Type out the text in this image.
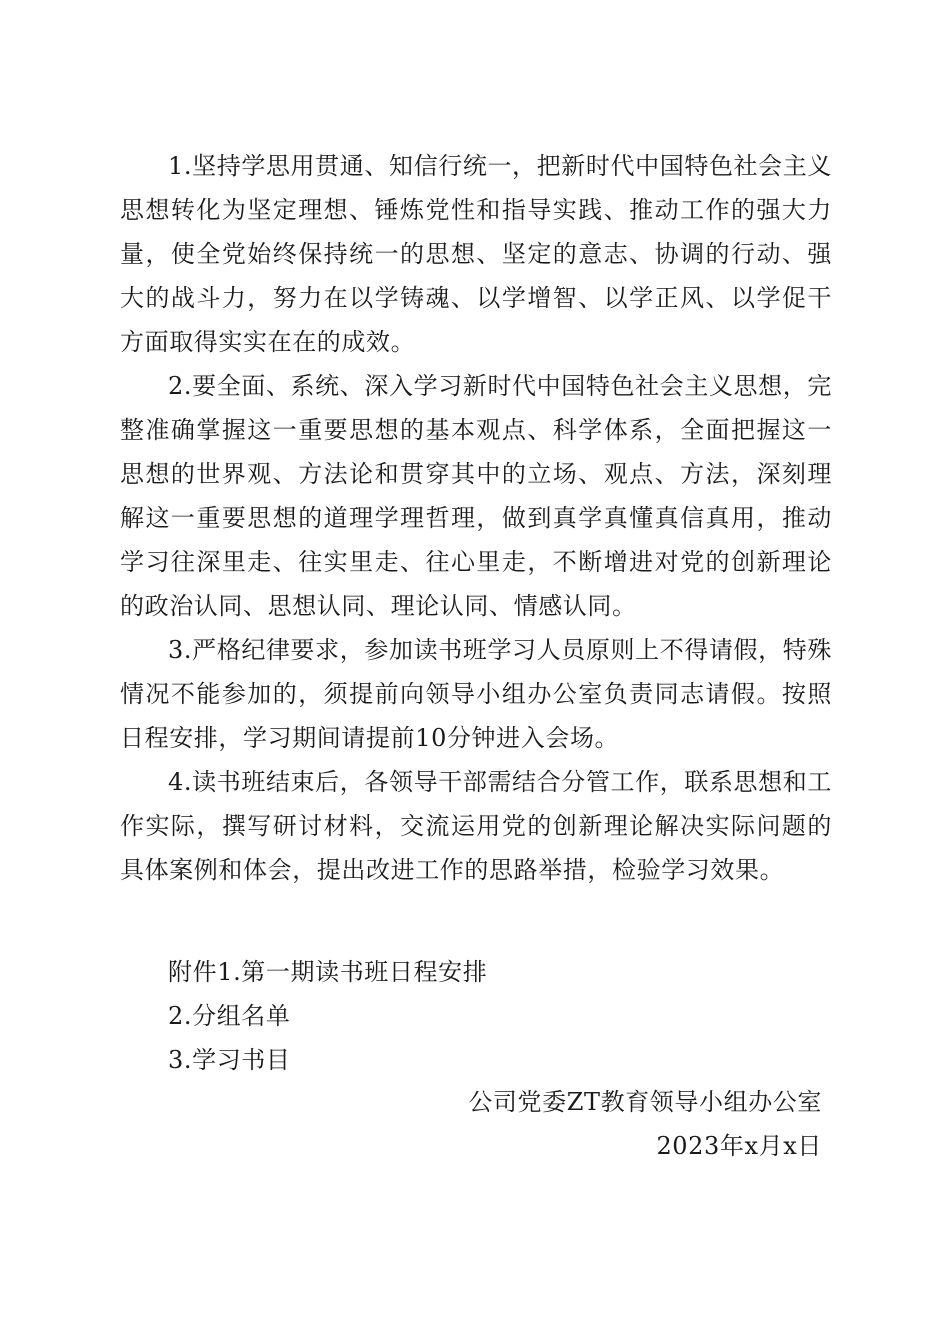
1.坚持学思用贯通、知信行统一，把新时代中国特色社会主义思想转化为坚定理想、锤炼党性和指导实践、推动工作的强大力量，使全党始终保持统一的思想、坚定的意志、协调的行动、强大的战斗力，努力在以学铸魂、以学增智、以学正风、以学促干方面取得实实在在的成效。

2.要全面、系统、深入学习新时代中国特色社会主义思想，完整准确掌握这一重要思想的基本观点、科学体系，全面把握这一思想的世界观、方法论和贯穿其中的立场、观点、方法，深刻理解这一重要思想的道理学理哲理，做到真学真懂真信真用，推动学习往深里走、往实里走、往心里走，不断增进对党的创新理论的政治认同、思想认同、理论认同、情感认同。

3.严格纪律要求，参加读书班学习人员原则上不得请假，特殊情况不能参加的，须提前向领导小组办公室负责同志请假。按照日程安排，学习期间请提前10分钟进入会场。

4.读书班结束后，各领导干部需结合分管工作，联系思想和工作实际，撰写研讨材料，交流运用党的创新理论解决实际问题的具体案例和体会，提出改进工作的思路举措，检验学习效果。

附件1.第一期读书班日程安排

2.分组名单

3.学习书目

公司党委ZT教育领导小组办公室

2023年x月x日
